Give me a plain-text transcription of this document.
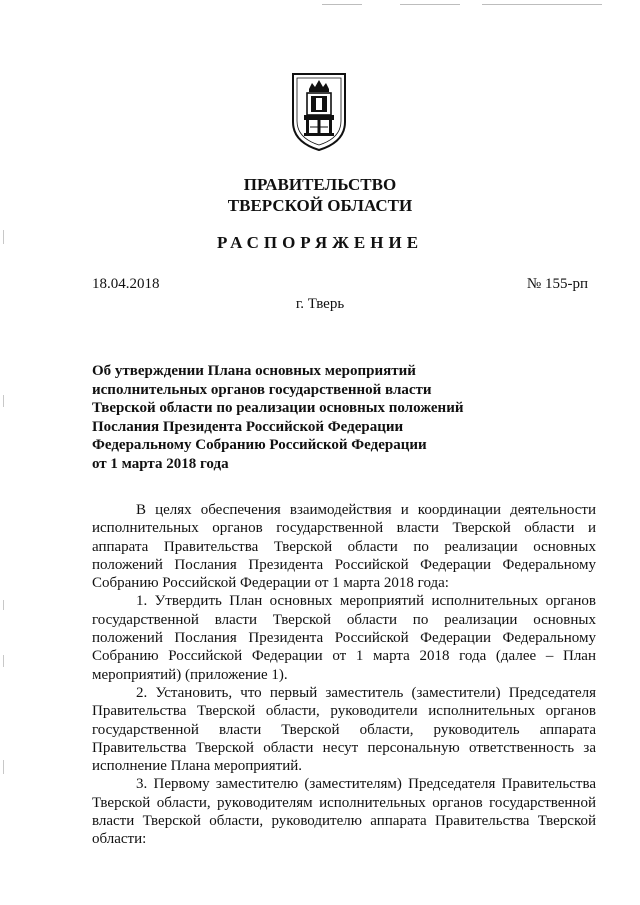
ПРАВИТЕЛЬСТВО
ТВЕРСКОЙ ОБЛАСТИ
РАСПОРЯЖЕНИЕ
18.04.2018	№ 155-рп
г. Тверь
Об утверждении Плана основных мероприятий
исполнительных органов государственной власти
Тверской области по реализации основных положений
Послания Президента Российской Федерации
Федеральному Собранию Российской Федерации
от 1 марта 2018 года

В целях обеспечения взаимодействия и координации деятельности исполнительных органов государственной власти Тверской области и аппарата Правительства Тверской области по реализации основных положений Послания Президента Российской Федерации Федеральному Собранию Российской Федерации от 1 марта 2018 года:

1. Утвердить План основных мероприятий исполнительных органов государственной власти Тверской области по реализации основных положений Послания Президента Российской Федерации Федеральному Собранию Российской Федерации от 1 марта 2018 года (далее – План мероприятий) (приложение 1).

2. Установить, что первый заместитель (заместители) Председателя Правительства Тверской области, руководители исполнительных органов государственной власти Тверской области, руководитель аппарата Правительства Тверской области несут персональную ответственность за исполнение Плана мероприятий.

3. Первому заместителю (заместителям) Председателя Правительства Тверской области, руководителям исполнительных органов государственной власти Тверской области, руководителю аппарата Правительства Тверской области:
